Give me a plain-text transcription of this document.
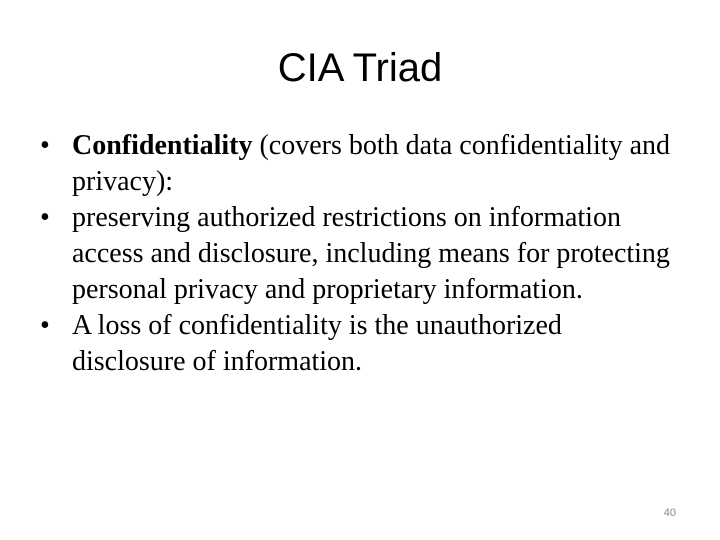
CIA Triad
• Confidentiality (covers both data confidentiality and privacy):
• preserving authorized restrictions on information access and disclosure, including means for protecting personal privacy and proprietary information.
• A loss of confidentiality is the unauthorized disclosure of information.
40
